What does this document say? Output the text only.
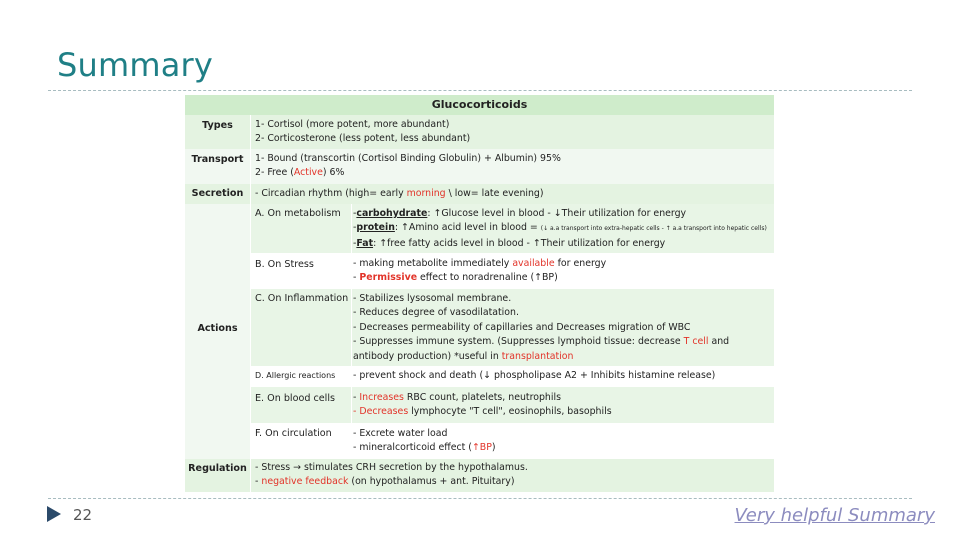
Summary
Glucocorticoids
Types	1- Cortisol (more potent, more abundant)
2- Corticosterone (less potent, less abundant)
Transport	1- Bound (transcortin (Cortisol Binding Globulin) + Albumin) 95%
2- Free (Active) 6%
Secretion	- Circadian rhythm (high= early morning \ low= late evening)
Actions
A. On metabolism	-carbohydrate: ↑Glucose level in blood - ↓Their utilization for energy
-protein: ↑Amino acid level in blood = (↓ a.a transport into extra-hepatic cells - ↑ a.a transport into hepatic cells)
-Fat: ↑free fatty acids level in blood - ↑Their utilization for energy
B. On Stress	- making metabolite immediately available for energy
- Permissive effect to noradrenaline (↑BP)
C. On Inflammation - Stabilizes lysosomal membrane.
- Reduces degree of vasodilatation.
- Decreases permeability of capillaries and Decreases migration of WBC
- Suppresses immune system. (Suppresses lymphoid tissue: decrease T cell and
antibody production) *useful in transplantation
D. Allergic reactions	- prevent shock and death (↓ phospholipase A2 + Inhibits histamine release)
E. On blood cells	- Increases RBC count, platelets, neutrophils
- Decreases lymphocyte "T cell", eosinophils, basophils
F. On circulation	- Excrete water load
- mineralcorticoid effect (↑BP)
Regulation - Stress → stimulates CRH secretion by the hypothalamus.
- negative feedback (on hypothalamus + ant. Pituitary)
22	Very helpful Summary
